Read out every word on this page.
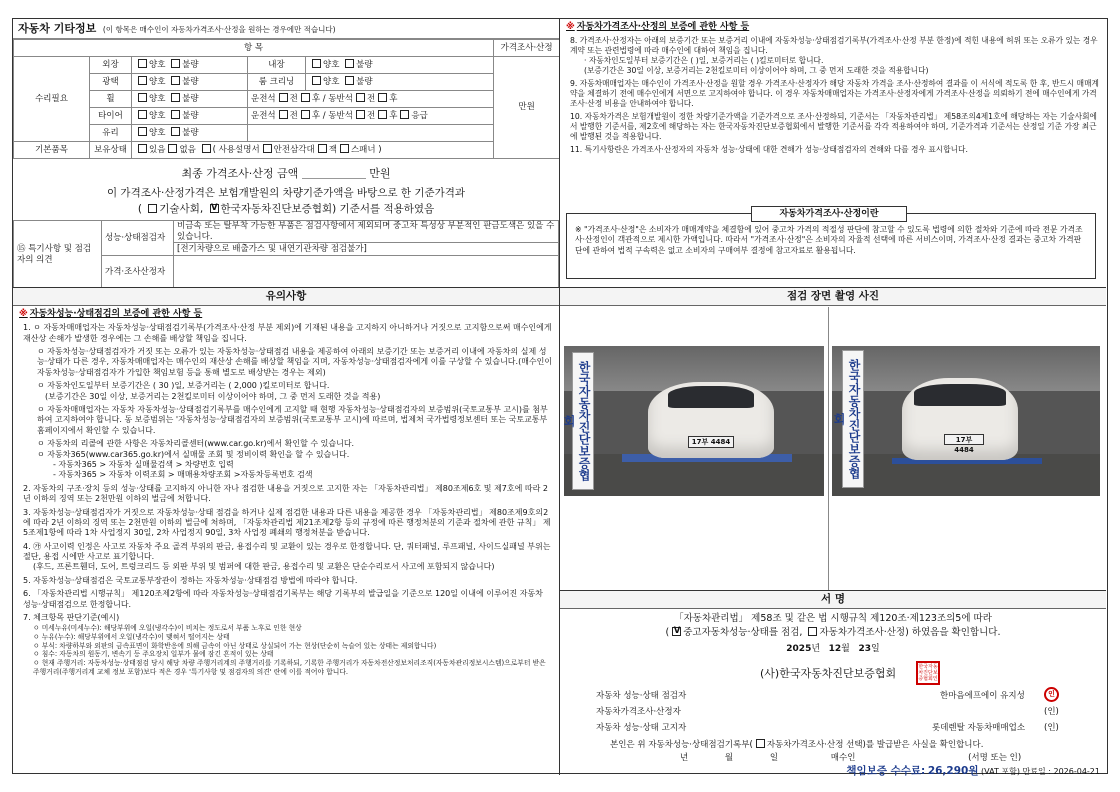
자동차 기타정보 (이 항목은 매수인이 자동차가격조사·산정을 원하는 경우에만 적습니다)
항 목					가격조사·산정
수리필요	외장	양호 불량	내장	양호 불량	만원
	광택	양호 불량	룸 크리닝	양호 불량	
	휠	양호 불량	운전석 전 후 / 동반석 전 후		
	타이어	양호 불량	운전석 전 후 / 동반석 전 후 응급		
	유리	양호 불량			
기본품목	보유상태	있음 없음 ( 사용설명서 안전삼각대 잭 스패너 )			
최종 가격조사·산정 금액	만원
이 가격조사·산정가격은 보험개발원의 차량기준가액을 바탕으로 한 기준가격과
( 기술사회, V 한국자동차진단보증협회) 기준서를 적용하였음
⑮ 특기사항 및 점검자의 의견	성능·상태점검자	비금속 또는 탈부착 가능한 부품은 점검사항에서 제외되며 중고차 특성상 부분적인 판금도색은 있을 수 있습니다.
		[전기차량으로 배출가스 및 내연기관차량 점검불가]
	가격·조사산정자	
※ 자동차가격조사·산정의 보증에 관한 사항 등

8. 가격조사·산정자는 아래의 보증기간 또는 보증거리 이내에 자동차성능·상태점검기록부(가격조사·산정 부분 한정)에 적힌 내용에 허위 또는 오류가 있는 경우 계약 또는 관련법령에 따라 매수인에 대하여 책임을 집니다.

· 자동차인도일부터 보증기간은 ( )일, 보증거리는 ( )킬로미터로 합니다.

(보증기간은 30일 이상, 보증거리는 2천킬로미터 이상이어야 하며, 그 중 먼저 도래한 것을 적용합니다)

9. 자동차매매업자는 매수인이 가격조사·산정을 원할 경우 가격조사·산정자가 해당 자동차 가격을 조사·산정하여 결과를 이 서식에 적도록 한 후, 반드시 매매계약을 체결하기 전에 매수인에게 서면으로 고지하여야 합니다. 이 경우 자동차매매업자는 가격조사·산정자에게 가격조사·산정을 의뢰하기 전에 매수인에게 가격조사·산정 비용을 안내하여야 합니다.

10. 자동차가격은 보험개발원이 정한 차량기준가액을 기준가격으로 조사·산정하되, 기준서는 「자동차관리법」 제58조의4제1호에 해당하는 자는 기술사회에서 발행한 기준서를, 제2호에 해당하는 자는 한국자동차진단보증협회에서 발행한 기준서를 각각 적용하여야 하며, 기준가격과 기준서는 산정일 기준 가장 최근에 발행된 것을 적용합니다.

11. 특기사항란은 가격조사·산정자의 자동차 성능·상태에 대한 견해가 성능·상태점검자의 견해와 다를 경우 표시합니다.

자동차가격조사·산정이란

※ "가격조사·산정"은 소비자가 매매계약을 체결함에 있어 중고차 가격의 적절성 판단에 참고할 수 있도록 법령에 의한 절차와 기준에 따라 전문 가격조사·산정인이 객관적으로 제시한 가액입니다. 따라서 "가격조사·산정"은 소비자의 자율적 선택에 따른 서비스이며, 가격조사·산정 결과는 중고차 가격판단에 관하여 법적 구속력은 없고 소비자의 구매여부 결정에 참고자료로 활용됩니다.

유의사항
※ 자동차성능·상태점검의 보증에 관한 사항 등
1. ㅇ 자동차매매업자는 자동차성능·상태점검기록부(가격조사·산정 부분 제외)에 기재된 내용을 고지하지 아니하거나 거짓으로 고지함으로써 매수인에게 재산상 손해가 발생한 경우에는 그 손해를 배상할 책임을 집니다.
ㅇ 자동차성능·상태점검자가 거짓 또는 오류가 있는 자동차성능·상태점검 내용을 제공하여 아래의 보증기간 또는 보증거리 이내에 자동차의 실제 성능·상태가 다른 경우, 자동차매매업자는 매수인의 재산상 손해를 배상할 책임을 지며, 자동차성능·상태점검자에게 이를 구상할 수 있습니다.(매수인이 자동차성능·상태점검자가 가입한 책임보험 등을 통해 별도로 배상받는 경우는 제외)
ㅇ 자동차인도일부터 보증기간은 ( 30 )일, 보증거리는 ( 2,000 )킬로미터로 합니다.
(보증기간은 30일 이상, 보증거리는 2천킬로미터 이상이어야 하며, 그 중 먼저 도래한 것을 적용)
ㅇ 자동차매매업자는 자동차 자동차성능·상태점검기록부를 매수인에게 고지할 때 현행 자동차성능·상태점검자의 보증범위(국토교통부 고시)를 첨부하여 고지하여야 합니다. 동 보증범위는 '자동차성능·상태점검자의 보증범위(국토교통부 고시)에 따르며, 법제처 국가법령정보센터 또는 국토교통부 홈페이지에서 확인할 수 있습니다.
ㅇ 자동차의 리콜에 관한 사항은 자동차리콜센터(www.car.go.kr)에서 확인할 수 있습니다.
ㅇ 자동차365(www.car365.go.kr)에서 실매물 조회 및 정비이력 확인을 할 수 있습니다.
- 자동차365 > 자동차 실매물검색 > 차량번호 입력
- 자동차365 > 자동차 이력조회 > 매매용차량조회 >자동차등록번호 검색
2. 자동차의 구조·장치 등의 성능·상태를 고지하지 아니한 자나 점검한 내용을 거짓으로 고지한 자는 「자동차관리법」 제80조제6호 및 제7호에 따라 2년 이하의 징역 또는 2천만원 이하의 벌금에 처합니다.
3. 자동차성능·상태점검자가 거짓으로 자동차성능·상태 점검을 하거나 실제 점검한 내용과 다른 내용을 제공한 경우 「자동차관리법」 제80조제9호의2에 따라 2년 이하의 징역 또는 2천만원 이하의 벌금에 처하며, 「자동차관리법 제21조제2항 등의 규정에 따른 행정처분의 기준과 절차에 관한 규칙」 제5조제1항에 따라 1차 사업정지 30일, 2차 사업정지 90일, 3차 사업정 폐쇄의 행정처분을 받습니다.
4. ㉮ 사고이력 인정은 사고로 자동차 주요 골격 부위의 판금, 용접수리 및 교환이 있는 경우로 한정합니다. 단, 쿼터패널, 루프패널, 사이드실패널 부위는 절단, 용접 시에만 사고로 표기합니다.
(후드, 프론트휀더, 도어, 트렁크리드 등 외판 부위 및 범퍼에 대한 판금, 용접수리 및 교환은 단순수리로서 사고에 포함되지 않습니다)
5. 자동차성능·상태점검은 국토교통부장관이 정하는 자동차성능·상태점검 방법에 따라야 합니다.
6. 「자동차관리법 시행규칙」 제120조제2항에 따라 자동차성능·상태점검기록부는 해당 기록부의 발급일을 기준으로 120일 이내에 이루어진 자동차 성능·상태점검으로 한정합니다.
7. 체크항목 판단기준(예시)

ㅇ 미세누유(미세누수): 해당부위에 오일(냉각수)이 비치는 정도로서 부품 노후로 인한 현상

ㅇ 누유(누수): 해당부위에서 오일(냉각수)이 맺혀서 떨어지는 상태

ㅇ 부식: 차량하부와 외판의 금속표면이 화학반응에 의해 금속이 아닌 상태로 상실되어 가는 현상(단순히 녹슬어 있는 상태는 제외합니다)

ㅇ 침수: 자동차의 원동기, 변속기 등 주요장치 일부가 물에 잠긴 흔적이 있는 상태

ㅇ 현재 주행거리: 자동차성능·상태점검 당시 해당 차량 주행거리계의 주행거리를 기록하되, 기록한 주행거리가 자동차전산정보처리조직(자동차관리정보시스템)으로부터 받은 주행거리(주행거리계 교체 정보 포함)보다 적은 경우 '특기사항 및 점검자의 의견' 란에 이를 적어야 합니다.

점검 장면 촬영 사진
한국자동차진단보증협회
17부 4484	한국자동차진단보증협회
17부 4484
서 명
「자동차관리법」 제58조 및 같은 법 시행규칙 제120조·제123조의5에 따라
( V 중고자동차성능·상태를 점검, 자동차가격조사·산정) 하였음을 확인합니다.
2025년 12월 23일
(사)한국자동차진단보증협회	한국자동차진단보증협회인
자동차 성능·상태 점검자	한마음에프에이 유지성	인
자동차가격조사·산정자	(인)
자동차 성능·상태 고지자	롯데렌탈 자동차매매업소 (인)
본인은 위 자동차성능·상태점검기록부( 자동차가격조사·산정 선택)를 발급받은 사실을 확인합니다.
년	월	일	매수인	(서명 또는 인)
책임보증 수수료: 26,290원 (VAT 포함) 만료일 : 2026-04-21
